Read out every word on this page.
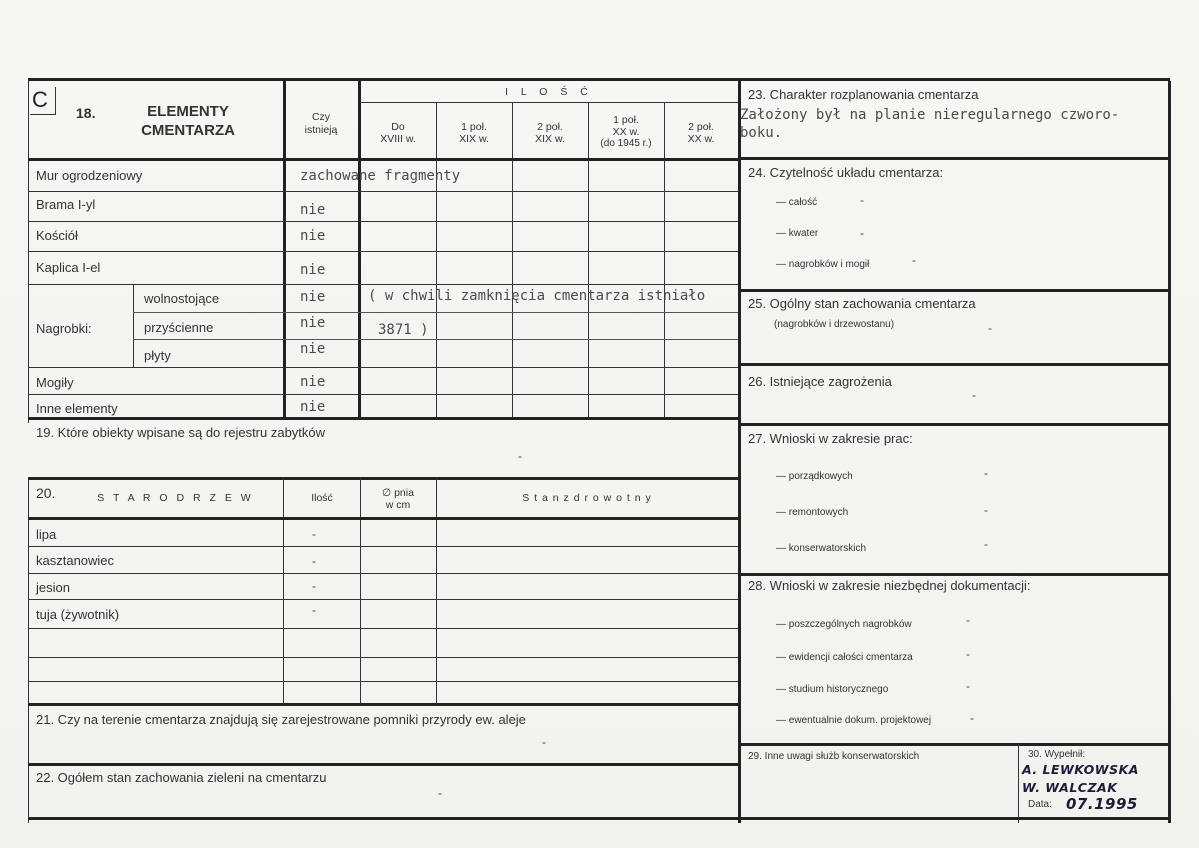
C
18.	ELEMENTY
CMENTARZA
Czy
istnieją
I L O Ś Ć
Do
XVIII w.
1 poł.
XIX w.
2 poł.
XIX w.
1 poł.
XX w.
(do 1945 r.)
2 poł.
XX w.
Mur ogrodzeniowy	zachowane fragmenty
Brama I-yl	nie
Kościół	nie
Kaplica I-el	nie
Nagrobki:
wolnostojące	nie	( w chwili zamknięcia cmentarza istniało
przyścienne	nie	3871 )
płyty	nie
Mogiły	nie
Inne elementy	nie
19. Które obiekty wpisane są do rejestru zabytków
-
20.	S T A R O D R Z E W	Ilość	∅ pnia
w cm
S t a n z d r o w o t n y
lipa	-
kasztanowiec	-
jesion	-
tuja (żywotnik)	-
21. Czy na terenie cmentarza znajdują się zarejestrowane pomniki przyrody ew. aleje
-
22. Ogółem stan zachowania zieleni na cmentarzu
-
23. Charakter rozplanowania cmentarza
Założony był na planie nieregularnego czworo-
boku.
24. Czytelność układu cmentarza:
— całość	-
— kwater	-
— nagrobków i mogił	-
25. Ogólny stan zachowania cmentarza
(nagrobków i drzewostanu)	-
26. Istniejące zagrożenia
-
27. Wnioski w zakresie prac:
— porządkowych	-
— remontowych	-
— konserwatorskich	-
28. Wnioski w zakresie niezbędnej dokumentacji:
— poszczególnych nagrobków	-
— ewidencji całości cmentarza	-
— studium historycznego	-
— ewentualnie dokum. projektowej	-
29. Inne uwagi służb konserwatorskich	30. Wypełnił:
A. LEWKOWSKA
W. WALCZAK
Data: 07.1995
